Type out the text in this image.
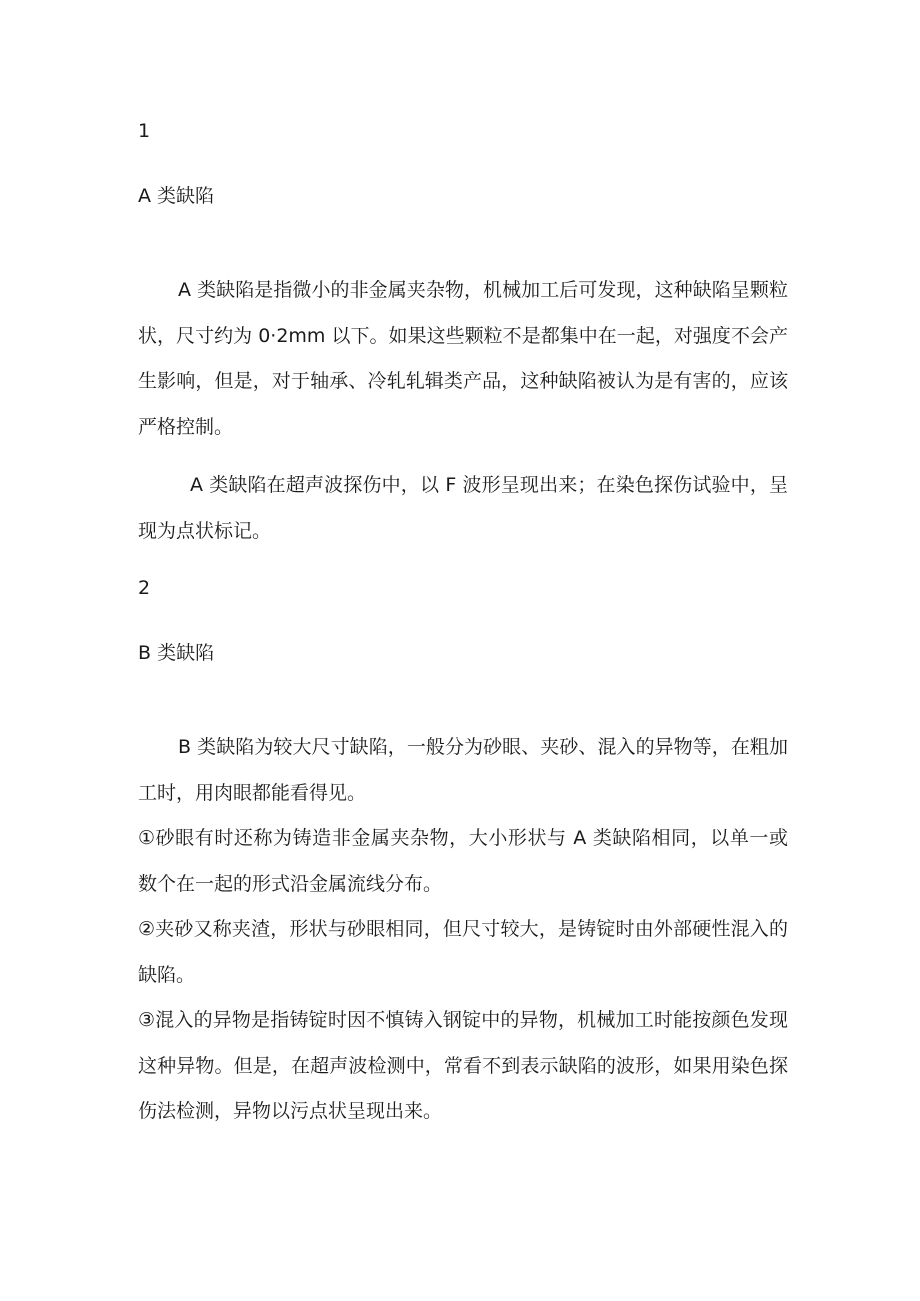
1
A 类缺陷

A 类缺陷是指微小的非金属夹杂物，机械加工后可发现，这种缺陷呈颗粒状，尺寸约为 0·2mm 以下。如果这些颗粒不是都集中在一起，对强度不会产生影响，但是，对于轴承、冷轧轧辑类产品，这种缺陷被认为是有害的，应该严格控制。

A 类缺陷在超声波探伤中，以 F 波形呈现出来；在染色探伤试验中，呈现为点状标记。

2
B 类缺陷

B 类缺陷为较大尺寸缺陷，一般分为砂眼、夹砂、混入的异物等，在粗加工时，用肉眼都能看得见。

①砂眼有时还称为铸造非金属夹杂物，大小形状与 A 类缺陷相同，以单一或数个在一起的形式沿金属流线分布。

②夹砂又称夹渣，形状与砂眼相同，但尺寸较大，是铸锭时由外部硬性混入的缺陷。

③混入的异物是指铸锭时因不慎铸入钢锭中的异物，机械加工时能按颜色发现这种异物。但是，在超声波检测中，常看不到表示缺陷的波形，如果用染色探伤法检测，异物以污点状呈现出来。
